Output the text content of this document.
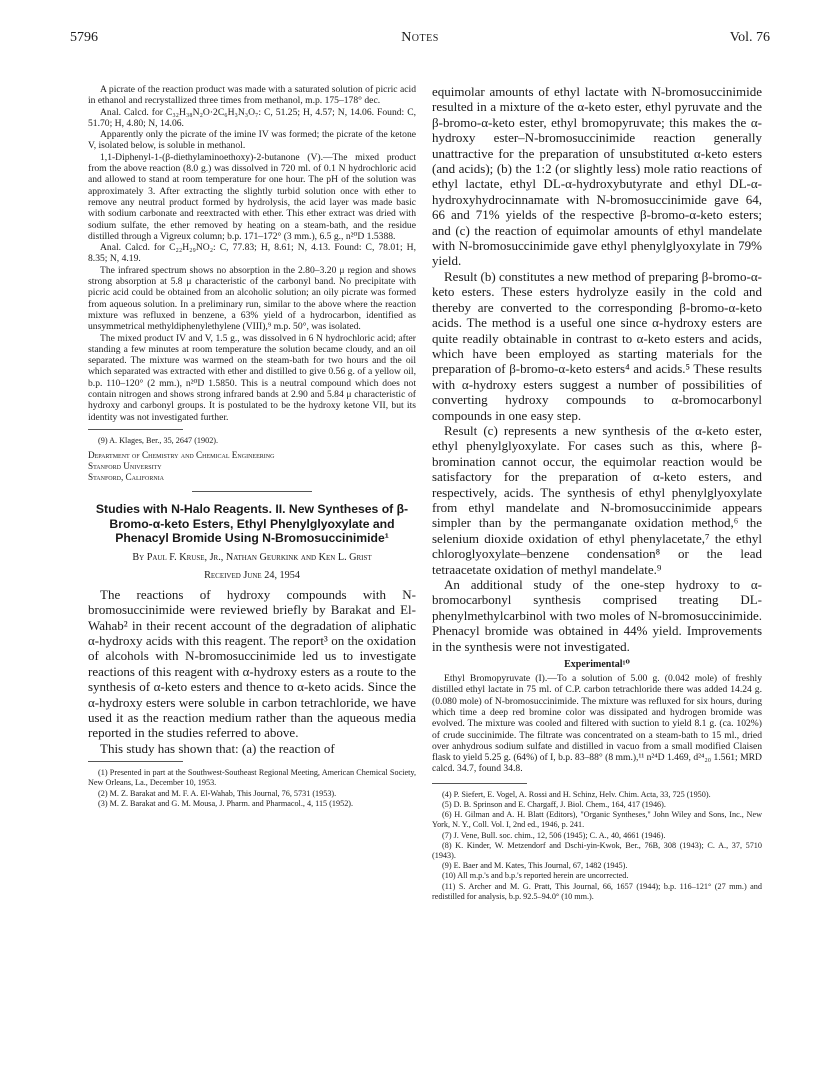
5796	Notes	Vol. 76

A picrate of the reaction product was made with a saturated solution of picric acid in ethanol and recrystallized three times from methanol, m.p. 175–178° dec.

Anal. Calcd. for C₃₂H₃₈N₂O·2C₆H₃N₃O₇: C, 51.25; H, 4.57; N, 14.06. Found: C, 51.70; H, 4.80; N, 14.06.

Apparently only the picrate of the imine IV was formed; the picrate of the ketone V, isolated below, is soluble in methanol.

1,1-Diphenyl-1-(β-diethylaminoethoxy)-2-butanone (V).—The mixed product from the above reaction (8.0 g.) was dissolved in 720 ml. of 0.1 N hydrochloric acid and allowed to stand at room temperature for one hour. The pH of the solution was approximately 3. After extracting the slightly turbid solution once with ether to remove any neutral product formed by hydrolysis, the acid layer was made basic with sodium carbonate and reextracted with ether. This ether extract was dried with sodium sulfate, the ether removed by heating on a steam-bath, and the residue distilled through a Vigreux column; b.p. 171–172° (3 mm.), 6.5 g., n²⁰D 1.5388.

Anal. Calcd. for C₂₂H₂₉NO₂: C, 77.83; H, 8.61; N, 4.13. Found: C, 78.01; H, 8.35; N, 4.19.

The infrared spectrum shows no absorption in the 2.80–3.20 μ region and shows strong absorption at 5.8 μ characteristic of the carbonyl band. No precipitate with picric acid could be obtained from an alcoholic solution; an oily picrate was formed from aqueous solution. In a preliminary run, similar to the above where the reaction mixture was refluxed in benzene, a 63% yield of a hydrocarbon, identified as unsymmetrical methyldiphenylethylene (VIII),⁹ m.p. 50°, was isolated.

The mixed product IV and V, 1.5 g., was dissolved in 6 N hydrochloric acid; after standing a few minutes at room temperature the solution became cloudy, and an oil separated. The mixture was warmed on the steam-bath for two hours and the oil which separated was extracted with ether and distilled to give 0.56 g. of a yellow oil, b.p. 110–120° (2 mm.), n²⁰D 1.5850. This is a neutral compound which does not contain nitrogen and shows strong infrared bands at 2.90 and 5.84 μ characteristic of hydroxy and carbonyl groups. It is postulated to be the hydroxy ketone VII, but its identity was not investigated further.

(9) A. Klages, Ber., 35, 2647 (1902).

Department of Chemistry and Chemical Engineering
Stanford University
Stanford, California
Studies with N-Halo Reagents. II. New Syntheses of β-Bromo-α-keto Esters, Ethyl Phenylglyoxylate and Phenacyl Bromide Using N-Bromosuccinimide¹
By Paul F. Kruse, Jr., Nathan Geurkink and Ken L. Grist
Received June 24, 1954

The reactions of hydroxy compounds with N-bromosuccinimide were reviewed briefly by Barakat and El-Wahab² in their recent account of the degradation of aliphatic α-hydroxy acids with this reagent. The report³ on the oxidation of alcohols with N-bromosuccinimide led us to investigate reactions of this reagent with α-hydroxy esters as a route to the synthesis of α-keto esters and thence to α-keto acids. Since the α-hydroxy esters were soluble in carbon tetrachloride, we have used it as the reaction medium rather than the aqueous media reported in the studies referred to above.

This study has shown that: (a) the reaction of

(1) Presented in part at the Southwest-Southeast Regional Meeting, American Chemical Society, New Orleans, La., December 10, 1953.

(2) M. Z. Barakat and M. F. A. El-Wahab, This Journal, 76, 5731 (1953).

(3) M. Z. Barakat and G. M. Mousa, J. Pharm. and Pharmacol., 4, 115 (1952).

equimolar amounts of ethyl lactate with N-bromosuccinimide resulted in a mixture of the α-keto ester, ethyl pyruvate and the β-bromo-α-keto ester, ethyl bromopyruvate; this makes the α-hydroxy ester–N-bromosuccinimide reaction generally unattractive for the preparation of unsubstituted α-keto esters (and acids); (b) the 1:2 (or slightly less) mole ratio reactions of ethyl lactate, ethyl DL-α-hydroxybutyrate and ethyl DL-α-hydroxyhydrocinnamate with N-bromosuccinimide gave 64, 66 and 71% yields of the respective β-bromo-α-keto esters; and (c) the reaction of equimolar amounts of ethyl mandelate with N-bromosuccinimide gave ethyl phenylglyoxylate in 79% yield.

Result (b) constitutes a new method of preparing β-bromo-α-keto esters. These esters hydrolyze easily in the cold and thereby are converted to the corresponding β-bromo-α-keto acids. The method is a useful one since α-hydroxy esters are quite readily obtainable in contrast to α-keto esters and acids, which have been employed as starting materials for the preparation of β-bromo-α-keto esters⁴ and acids.⁵ These results with α-hydroxy esters suggest a number of possibilities of converting hydroxy compounds to α-bromocarbonyl compounds in one easy step.

Result (c) represents a new synthesis of the α-keto ester, ethyl phenylglyoxylate. For cases such as this, where β-bromination cannot occur, the equimolar reaction would be satisfactory for the preparation of α-keto esters, and respectively, acids. The synthesis of ethyl phenylglyoxylate from ethyl mandelate and N-bromosuccinimide appears simpler than by the permanganate oxidation method,⁶ the selenium dioxide oxidation of ethyl phenylacetate,⁷ the ethyl chloroglyoxylate–benzene condensation⁸ or the lead tetraacetate oxidation of methyl mandelate.⁹

An additional study of the one-step hydroxy to α-bromocarbonyl synthesis comprised treating DL-phenylmethylcarbinol with two moles of N-bromosuccinimide. Phenacyl bromide was obtained in 44% yield. Improvements in the synthesis were not investigated.

Experimental¹⁰

Ethyl Bromopyruvate (I).—To a solution of 5.00 g. (0.042 mole) of freshly distilled ethyl lactate in 75 ml. of C.P. carbon tetrachloride there was added 14.24 g. (0.080 mole) of N-bromosuccinimide. The mixture was refluxed for six hours, during which time a deep red bromine color was dissipated and hydrogen bromide was evolved. The mixture was cooled and filtered with suction to yield 8.1 g. (ca. 102%) of crude succinimide. The filtrate was concentrated on a steam-bath to 15 ml., dried over anhydrous sodium sulfate and distilled in vacuo from a small modified Claisen flask to yield 5.25 g. (64%) of I, b.p. 83–88° (8 mm.),¹¹ n²⁴D 1.469, d²⁴₂₀ 1.561; MRD calcd. 34.7, found 34.8.

(4) P. Siefert, E. Vogel, A. Rossi and H. Schinz, Helv. Chim. Acta, 33, 725 (1950).

(5) D. B. Sprinson and E. Chargaff, J. Biol. Chem., 164, 417 (1946).

(6) H. Gilman and A. H. Blatt (Editors), "Organic Syntheses," John Wiley and Sons, Inc., New York, N. Y., Coll. Vol. I, 2nd ed., 1946, p. 241.

(7) J. Vene, Bull. soc. chim., 12, 506 (1945); C. A., 40, 4661 (1946).

(8) K. Kinder, W. Metzendorf and Dschi-yin-Kwok, Ber., 76B, 308 (1943); C. A., 37, 5710 (1943).

(9) E. Baer and M. Kates, This Journal, 67, 1482 (1945).

(10) All m.p.'s and b.p.'s reported herein are uncorrected.

(11) S. Archer and M. G. Pratt, This Journal, 66, 1657 (1944); b.p. 116–121° (27 mm.) and redistilled for analysis, b.p. 92.5–94.0° (10 mm.).
